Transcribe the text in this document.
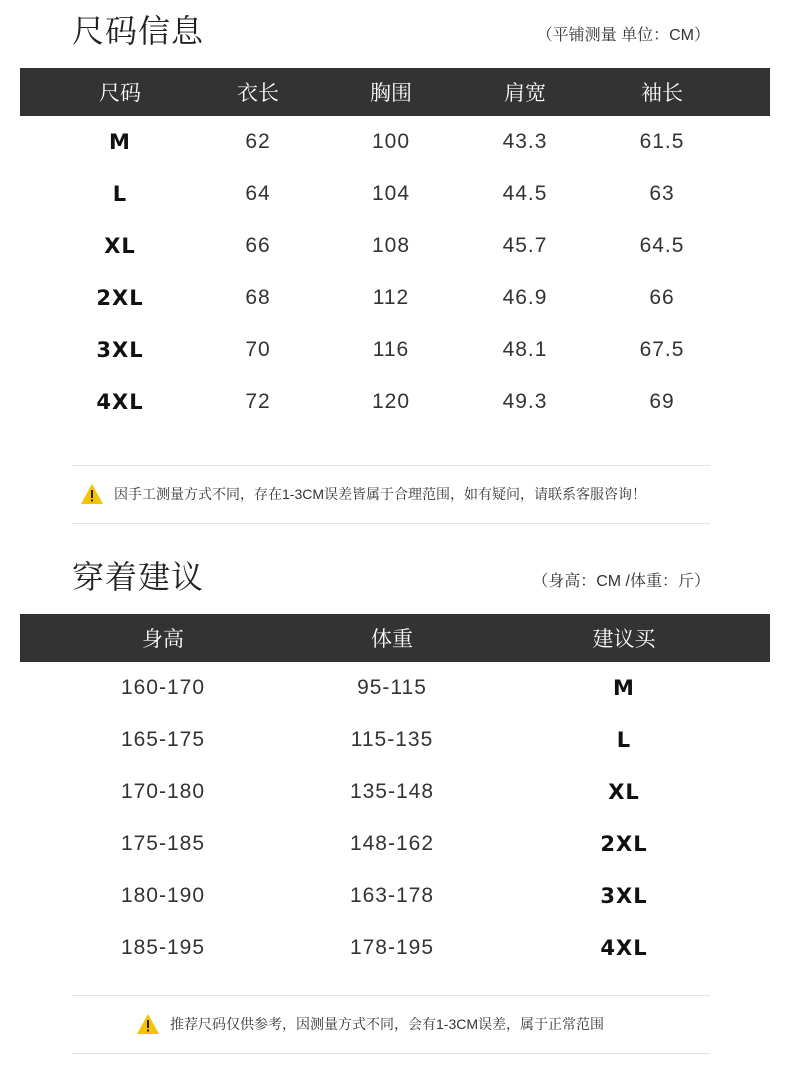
尺码信息	（平铺测量 单位：CM）
尺码	衣长	胸围	肩宽	袖长
M	62	100	43.3	61.5
L	64	104	44.5	63
XL	66	108	45.7	64.5
2XL	68	112	46.9	66
3XL	70	116	48.1	67.5
4XL	72	120	49.3	69
因手工测量方式不同，存在1-3CM误差皆属于合理范围，如有疑问，请联系客服咨询！
穿着建议	（身高：CM /体重：斤）
身高	体重	建议买
160-170	95-115	M
165-175	115-135	L
170-180	135-148	XL
175-185	148-162	2XL
180-190	163-178	3XL
185-195	178-195	4XL
推荐尺码仅供参考，因测量方式不同，会有1-3CM误差，属于正常范围
